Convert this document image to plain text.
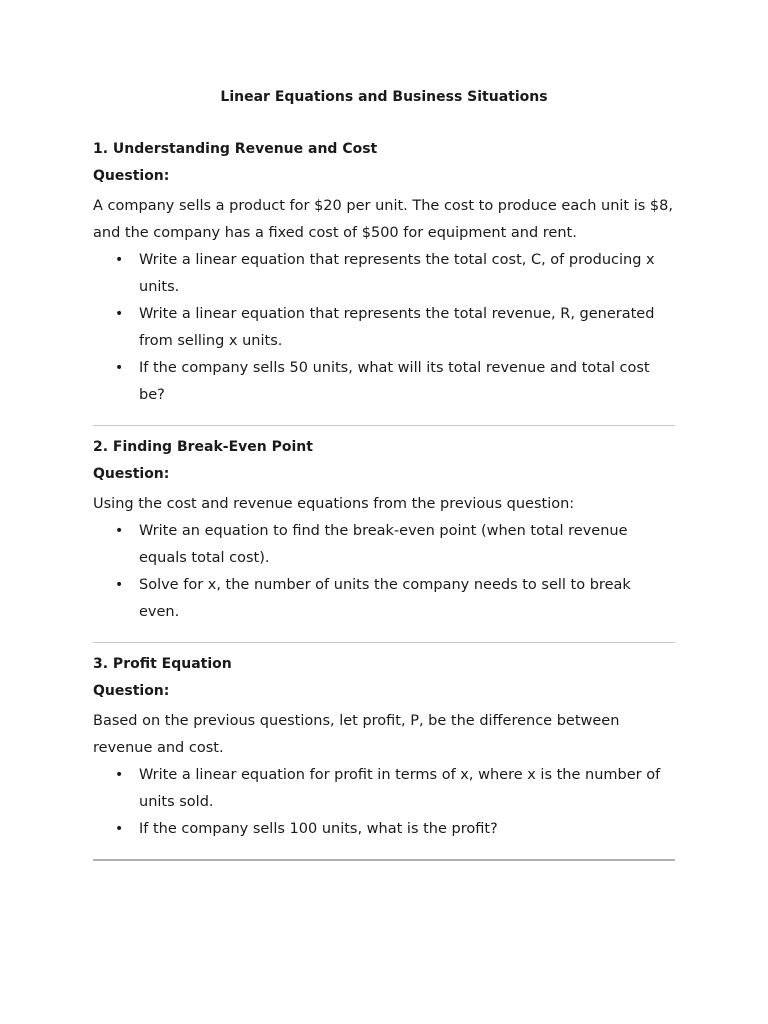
Linear Equations and Business Situations
1. Understanding Revenue and Cost
Question:

A company sells a product for $20 per unit. The cost to produce each unit is $8, and the company has a fixed cost of $500 for equipment and rent.

• Write a linear equation that represents the total cost, C, of producing x units.
• Write a linear equation that represents the total revenue, R, generated from selling x units.
• If the company sells 50 units, what will its total revenue and total cost be?
2. Finding Break-Even Point
Question:

Using the cost and revenue equations from the previous question:

• Write an equation to find the break-even point (when total revenue equals total cost).
• Solve for x, the number of units the company needs to sell to break even.
3. Profit Equation
Question:

Based on the previous questions, let profit, P, be the difference between revenue and cost.

• Write a linear equation for profit in terms of x, where x is the number of units sold.
• If the company sells 100 units, what is the profit?
